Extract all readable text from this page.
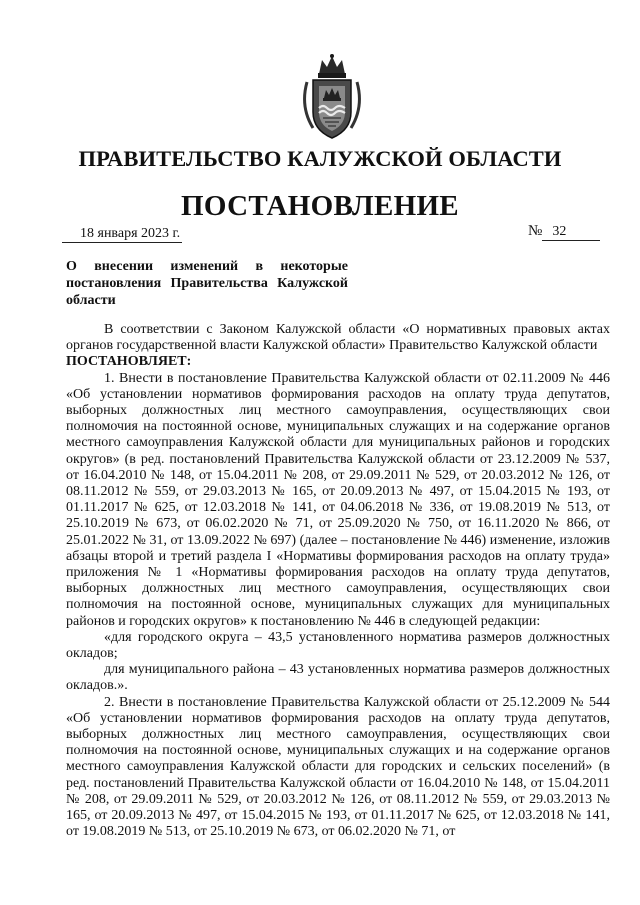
ПРАВИТЕЛЬСТВО КАЛУЖСКОЙ ОБЛАСТИ
ПОСТАНОВЛЕНИЕ
18 января 2023 г.	№ 32
О внесении изменений в некоторые постановления Правительства Калужской области

В соответствии с Законом Калужской области «О нормативных правовых актах органов государственной власти Калужской области» Правительство Калужской области

ПОСТАНОВЛЯЕТ:

1. Внести в постановление Правительства Калужской области от 02.11.2009 № 446 «Об установлении нормативов формирования расходов на оплату труда депутатов, выборных должностных лиц местного самоуправления, осуществляющих свои полномочия на постоянной основе, муниципальных служащих и на содержание органов местного самоуправления Калужской области для муниципальных районов и городских округов» (в ред. постановлений Правительства Калужской области от 23.12.2009 № 537, от 16.04.2010 № 148, от 15.04.2011 № 208, от 29.09.2011 № 529, от 20.03.2012 № 126, от 08.11.2012 № 559, от 29.03.2013 № 165, от 20.09.2013 № 497, от 15.04.2015 № 193, от 01.11.2017 № 625, от 12.03.2018 № 141, от 04.06.2018 № 336, от 19.08.2019 № 513, от 25.10.2019 № 673, от 06.02.2020 № 71, от 25.09.2020 № 750, от 16.11.2020 № 866, от 25.01.2022 № 31, от 13.09.2022 № 697) (далее – постановление № 446) изменение, изложив абзацы второй и третий раздела I «Нормативы формирования расходов на оплату труда» приложения № 1 «Нормативы формирования расходов на оплату труда депутатов, выборных должностных лиц местного самоуправления, осуществляющих свои полномочия на постоянной основе, муниципальных служащих для муниципальных районов и городских округов» к постановлению № 446 в следующей редакции:

«для городского округа – 43,5 установленного норматива размеров должностных окладов;

для муниципального района – 43 установленных норматива размеров должностных окладов.».

2. Внести в постановление Правительства Калужской области от 25.12.2009 № 544 «Об установлении нормативов формирования расходов на оплату труда депутатов, выборных должностных лиц местного самоуправления, осуществляющих свои полномочия на постоянной основе, муниципальных служащих и на содержание органов местного самоуправления Калужской области для городских и сельских поселений» (в ред. постановлений Правительства Калужской области от 16.04.2010 № 148, от 15.04.2011 № 208, от 29.09.2011 № 529, от 20.03.2012 № 126, от 08.11.2012 № 559, от 29.03.2013 № 165, от 20.09.2013 № 497, от 15.04.2015 № 193, от 01.11.2017 № 625, от 12.03.2018 № 141, от 19.08.2019 № 513, от 25.10.2019 № 673, от 06.02.2020 № 71, от
